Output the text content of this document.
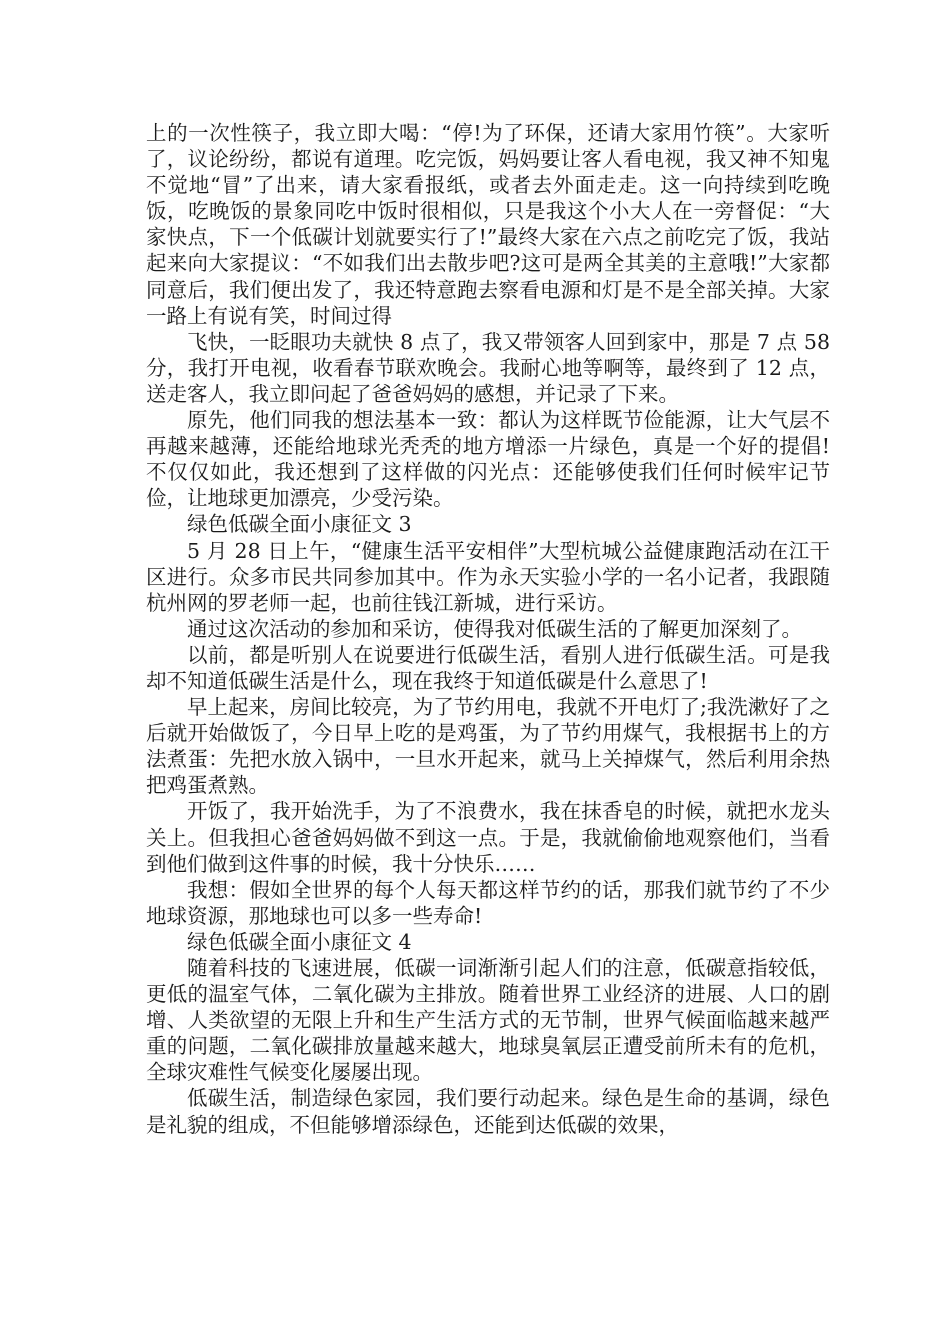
上的一次性筷子，我立即大喝：“停!为了环保，还请大家用竹筷”。大家听了，议论纷纷，都说有道理。吃完饭，妈妈要让客人看电视，我又神不知鬼不觉地“冒”了出来，请大家看报纸，或者去外面走走。这一向持续到吃晚饭，吃晚饭的景象同吃中饭时很相似，只是我这个小大人在一旁督促：“大家快点，下一个低碳计划就要实行了!”最终大家在六点之前吃完了饭，我站起来向大家提议：“不如我们出去散步吧?这可是两全其美的主意哦!”大家都同意后，我们便出发了，我还特意跑去察看电源和灯是不是全部关掉。大家一路上有说有笑，时间过得

飞快，一眨眼功夫就快 8 点了，我又带领客人回到家中，那是 7 点 58 分，我打开电视，收看春节联欢晚会。我耐心地等啊等，最终到了 12 点，送走客人，我立即问起了爸爸妈妈的感想，并记录了下来。

原先，他们同我的想法基本一致：都认为这样既节俭能源，让大气层不再越来越薄，还能给地球光秃秃的地方增添一片绿色，真是一个好的提倡!不仅仅如此，我还想到了这样做的闪光点：还能够使我们任何时候牢记节俭，让地球更加漂亮，少受污染。

绿色低碳全面小康征文 3

5 月 28 日上午，“健康生活平安相伴”大型杭城公益健康跑活动在江干区进行。众多市民共同参加其中。作为永天实验小学的一名小记者，我跟随杭州网的罗老师一起，也前往钱江新城，进行采访。

通过这次活动的参加和采访，使得我对低碳生活的了解更加深刻了。

以前，都是听别人在说要进行低碳生活，看别人进行低碳生活。可是我却不知道低碳生活是什么，现在我终于知道低碳是什么意思了!

早上起来，房间比较亮，为了节约用电，我就不开电灯了;我洗漱好了之后就开始做饭了，今日早上吃的是鸡蛋，为了节约用煤气，我根据书上的方法煮蛋：先把水放入锅中，一旦水开起来，就马上关掉煤气，然后利用余热把鸡蛋煮熟。

开饭了，我开始洗手，为了不浪费水，我在抹香皂的时候，就把水龙头关上。但我担心爸爸妈妈做不到这一点。于是，我就偷偷地观察他们，当看到他们做到这件事的时候，我十分快乐……

我想：假如全世界的每个人每天都这样节约的话，那我们就节约了不少地球资源，那地球也可以多一些寿命!

绿色低碳全面小康征文 4

随着科技的飞速进展，低碳一词渐渐引起人们的注意，低碳意指较低，更低的温室气体，二氧化碳为主排放。随着世界工业经济的进展、人口的剧增、人类欲望的无限上升和生产生活方式的无节制，世界气候面临越来越严重的问题，二氧化碳排放量越来越大，地球臭氧层正遭受前所未有的危机，全球灾难性气候变化屡屡出现。

低碳生活，制造绿色家园，我们要行动起来。绿色是生命的基调，绿色是礼貌的组成，不但能够增添绿色，还能到达低碳的效果，
